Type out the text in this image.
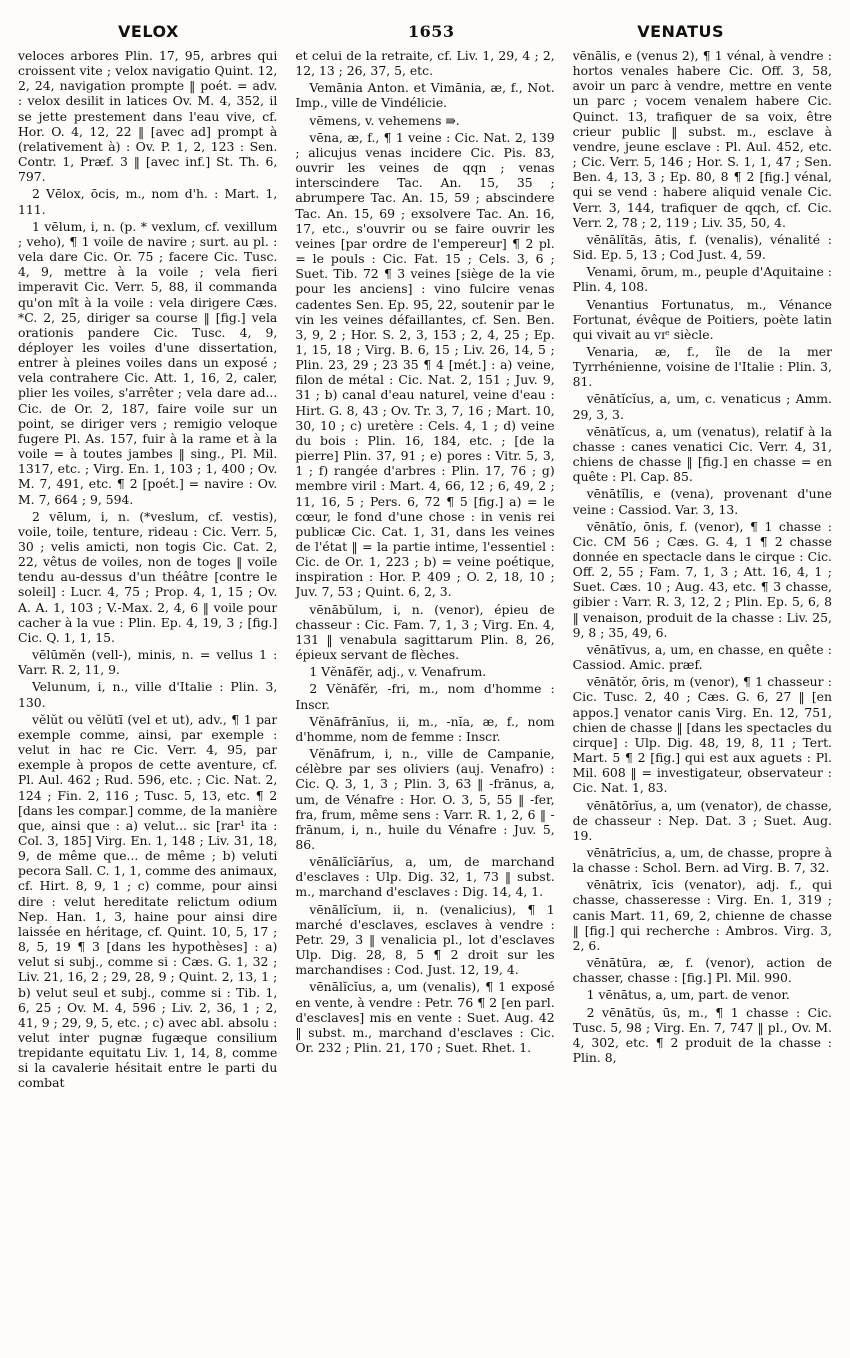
VELOX	1653	VENATUS

veloces arbores Plin. 17, 95, arbres qui croissent vite ; velox navigatio Quint. 12, 2, 24, navigation prompte ‖ poét. = adv. : velox desilit in latices Ov. M. 4, 352, il se jette prestement dans l'eau vive, cf. Hor. O. 4, 12, 22 ‖ [avec ad] prompt à (relativement à) : Ov. P. 1, 2, 123 : Sen. Contr. 1, Præf. 3 ‖ [avec inf.] St. Th. 6, 797.

2 Vēlox, ōcis, m., nom d'h. : Mart. 1, 111.

1 vēlum, i, n. (p. * vexlum, cf. vexillum ; veho), ¶ 1 voile de navire ; surt. au pl. : vela dare Cic. Or. 75 ; facere Cic. Tusc. 4, 9, mettre à la voile ; vela fieri imperavit Cic. Verr. 5, 88, il commanda qu'on mît à la voile : vela dirigere Cæs. *C. 2, 25, diriger sa course ‖ [fig.] vela orationis pandere Cic. Tusc. 4, 9, déployer les voiles d'une dissertation, entrer à pleines voiles dans un exposé ; vela contrahere Cic. Att. 1, 16, 2, caler, plier les voiles, s'arrêter ; vela dare ad... Cic. de Or. 2, 187, faire voile sur un point, se diriger vers ; remigio veloque fugere Pl. As. 157, fuir à la rame et à la voile = à toutes jambes ‖ sing., Pl. Mil. 1317, etc. ; Virg. En. 1, 103 ; 1, 400 ; Ov. M. 7, 491, etc. ¶ 2 [poét.] = navire : Ov. M. 7, 664 ; 9, 594.

2 vēlum, i, n. (*veslum, cf. vestis), voile, toile, tenture, rideau : Cic. Verr. 5, 30 ; velis amicti, non togis Cic. Cat. 2, 22, vêtus de voiles, non de toges ‖ voile tendu au-dessus d'un théâtre [contre le soleil] : Lucr. 4, 75 ; Prop. 4, 1, 15 ; Ov. A. A. 1, 103 ; V.-Max. 2, 4, 6 ‖ voile pour cacher à la vue : Plin. Ep. 4, 19, 3 ; [fig.] Cic. Q. 1, 1, 15.

vēlūmĕn (vell-), minis, n. = vellus 1 : Varr. R. 2, 11, 9.

Velunum, i, n., ville d'Italie : Plin. 3, 130.

vĕlŭt ou vĕlŭtī (vel et ut), adv., ¶ 1 par exemple comme, ainsi, par exemple : velut in hac re Cic. Verr. 4, 95, par exemple à propos de cette aventure, cf. Pl. Aul. 462 ; Rud. 596, etc. ; Cic. Nat. 2, 124 ; Fin. 2, 116 ; Tusc. 5, 13, etc. ¶ 2 [dans les compar.] comme, de la manière que, ainsi que : a) velut... sic [rar¹ ita : Col. 3, 185] Virg. En. 1, 148 ; Liv. 31, 18, 9, de même que... de même ; b) veluti pecora Sall. C. 1, 1, comme des animaux, cf. Hirt. 8, 9, 1 ; c) comme, pour ainsi dire : velut hereditate relictum odium Nep. Han. 1, 3, haine pour ainsi dire laissée en héritage, cf. Quint. 10, 5, 17 ; 8, 5, 19 ¶ 3 [dans les hypothèses] : a) velut si subj., comme si : Cæs. G. 1, 32 ; Liv. 21, 16, 2 ; 29, 28, 9 ; Quint. 2, 13, 1 ; b) velut seul et subj., comme si : Tib. 1, 6, 25 ; Ov. M. 4, 596 ; Liv. 2, 36, 1 ; 2, 41, 9 ; 29, 9, 5, etc. ; c) avec abl. absolu : velut inter pugnæ fugæque consilium trepidante equitatu Liv. 1, 14, 8, comme si la cavalerie hésitait entre le parti du combat

et celui de la retraite, cf. Liv. 1, 29, 4 ; 2, 12, 13 ; 26, 37, 5, etc.

Vemānia Anton. et Vimānia, æ, f., Not. Imp., ville de Vindélicie.

vēmens, v. vehemens ⇛.

vēna, æ, f., ¶ 1 veine : Cic. Nat. 2, 139 ; alicujus venas incidere Cic. Pis. 83, ouvrir les veines de qqn ; venas interscindere Tac. An. 15, 35 ; abrumpere Tac. An. 15, 59 ; abscindere Tac. An. 15, 69 ; exsolvere Tac. An. 16, 17, etc., s'ouvrir ou se faire ouvrir les veines [par ordre de l'empereur] ¶ 2 pl. = le pouls : Cic. Fat. 15 ; Cels. 3, 6 ; Suet. Tib. 72 ¶ 3 veines [siège de la vie pour les anciens] : vino fulcire venas cadentes Sen. Ep. 95, 22, soutenir par le vin les veines défaillantes, cf. Sen. Ben. 3, 9, 2 ; Hor. S. 2, 3, 153 ; 2, 4, 25 ; Ep. 1, 15, 18 ; Virg. B. 6, 15 ; Liv. 26, 14, 5 ; Plin. 23, 29 ; 23 35 ¶ 4 [mét.] : a) veine, filon de métal : Cic. Nat. 2, 151 ; Juv. 9, 31 ; b) canal d'eau naturel, veine d'eau : Hirt. G. 8, 43 ; Ov. Tr. 3, 7, 16 ; Mart. 10, 30, 10 ; c) uretère : Cels. 4, 1 ; d) veine du bois : Plin. 16, 184, etc. ; [de la pierre] Plin. 37, 91 ; e) pores : Vitr. 5, 3, 1 ; f) rangée d'arbres : Plin. 17, 76 ; g) membre viril : Mart. 4, 66, 12 ; 6, 49, 2 ; 11, 16, 5 ; Pers. 6, 72 ¶ 5 [fig.] a) = le cœur, le fond d'une chose : in venis rei publicæ Cic. Cat. 1, 31, dans les veines de l'état ‖ = la partie intime, l'essentiel : Cic. de Or. 1, 223 ; b) = veine poétique, inspiration : Hor. P. 409 ; O. 2, 18, 10 ; Juv. 7, 53 ; Quint. 6, 2, 3.

vēnābŭlum, i, n. (venor), épieu de chasseur : Cic. Fam. 7, 1, 3 ; Virg. En. 4, 131 ‖ venabula sagittarum Plin. 8, 26, épieux servant de flèches.

1 Vĕnāfĕr, adj., v. Venafrum.

2 Vĕnāfĕr, -fri, m., nom d'homme : Inscr.

Vĕnāfrānĭus, ii, m., -nĭa, æ, f., nom d'homme, nom de femme : Inscr.

Vĕnāfrum, i, n., ville de Campanie, célèbre par ses oliviers (auj. Venafro) : Cic. Q. 3, 1, 3 ; Plin. 3, 63 ‖ -frānus, a, um, de Vénafre : Hor. O. 3, 5, 55 ‖ -fer, fra, frum, même sens : Varr. R. 1, 2, 6 ‖ -frānum, i, n., huile du Vénafre : Juv. 5, 86.

vēnālĭcĭārĭus, a, um, de marchand d'esclaves : Ulp. Dig. 32, 1, 73 ‖ subst. m., marchand d'esclaves : Dig. 14, 4, 1.

vēnālĭcĭum, ii, n. (venalicius), ¶ 1 marché d'esclaves, esclaves à vendre : Petr. 29, 3 ‖ venalicia pl., lot d'esclaves Ulp. Dig. 28, 8, 5 ¶ 2 droit sur les marchandises : Cod. Just. 12, 19, 4.

vēnālĭcĭus, a, um (venalis), ¶ 1 exposé en vente, à vendre : Petr. 76 ¶ 2 [en parl. d'esclaves] mis en vente : Suet. Aug. 42 ‖ subst. m., marchand d'esclaves : Cic. Or. 232 ; Plin. 21, 170 ; Suet. Rhet. 1.

vēnālis, e (venus 2), ¶ 1 vénal, à vendre : hortos venales habere Cic. Off. 3, 58, avoir un parc à vendre, mettre en vente un parc ; vocem venalem habere Cic. Quinct. 13, trafiquer de sa voix, être crieur public ‖ subst. m., esclave à vendre, jeune esclave : Pl. Aul. 452, etc. ; Cic. Verr. 5, 146 ; Hor. S. 1, 1, 47 ; Sen. Ben. 4, 13, 3 ; Ep. 80, 8 ¶ 2 [fig.] vénal, qui se vend : habere aliquid venale Cic. Verr. 3, 144, trafiquer de qqch, cf. Cic. Verr. 2, 78 ; 2, 119 ; Liv. 35, 50, 4.

vēnālĭtās, ātis, f. (venalis), vénalité : Sid. Ep. 5, 13 ; Cod Just. 4, 59.

Venami, ōrum, m., peuple d'Aquitaine : Plin. 4, 108.

Venantius Fortunatus, m., Vénance Fortunat, évêque de Poitiers, poète latin qui vivait au vɪᵉ siècle.

Venaria, æ, f., île de la mer Tyrrhénienne, voisine de l'Italie : Plin. 3, 81.

vēnātĭcĭus, a, um, c. venaticus ; Amm. 29, 3, 3.

vēnātĭcus, a, um (venatus), relatif à la chasse : canes venatici Cic. Verr. 4, 31, chiens de chasse ‖ [fig.] en chasse = en quête : Pl. Cap. 85.

vēnātĭlis, e (vena), provenant d'une veine : Cassiod. Var. 3, 13.

vēnātĭo, ōnis, f. (venor), ¶ 1 chasse : Cic. CM 56 ; Cæs. G. 4, 1 ¶ 2 chasse donnée en spectacle dans le cirque : Cic. Off. 2, 55 ; Fam. 7, 1, 3 ; Att. 16, 4, 1 ; Suet. Cæs. 10 ; Aug. 43, etc. ¶ 3 chasse, gibier : Varr. R. 3, 12, 2 ; Plin. Ep. 5, 6, 8 ‖ venaison, produit de la chasse : Liv. 25, 9, 8 ; 35, 49, 6.

vēnātīvus, a, um, en chasse, en quête : Cassiod. Amic. præf.

vēnātŏr, ōris, m (venor), ¶ 1 chasseur : Cic. Tusc. 2, 40 ; Cæs. G. 6, 27 ‖ [en appos.] venator canis Virg. En. 12, 751, chien de chasse ‖ [dans les spectacles du cirque] : Ulp. Dig. 48, 19, 8, 11 ; Tert. Mart. 5 ¶ 2 [fig.] qui est aux aguets : Pl. Mil. 608 ‖ = investigateur, observateur : Cic. Nat. 1, 83.

vēnātōrĭus, a, um (venator), de chasse, de chasseur : Nep. Dat. 3 ; Suet. Aug. 19.

vēnātrīcĭus, a, um, de chasse, propre à la chasse : Schol. Bern. ad Virg. B. 7, 32.

vēnātrix, īcis (venator), adj. f., qui chasse, chasseresse : Virg. En. 1, 319 ; canis Mart. 11, 69, 2, chienne de chasse ‖ [fig.] qui recherche : Ambros. Virg. 3, 2, 6.

vēnātūra, æ, f. (venor), action de chasser, chasse : [fig.] Pl. Mil. 990.

1 vēnātus, a, um, part. de venor.

2 vēnātŭs, ūs, m., ¶ 1 chasse : Cic. Tusc. 5, 98 ; Virg. En. 7, 747 ‖ pl., Ov. M. 4, 302, etc. ¶ 2 produit de la chasse : Plin. 8,
